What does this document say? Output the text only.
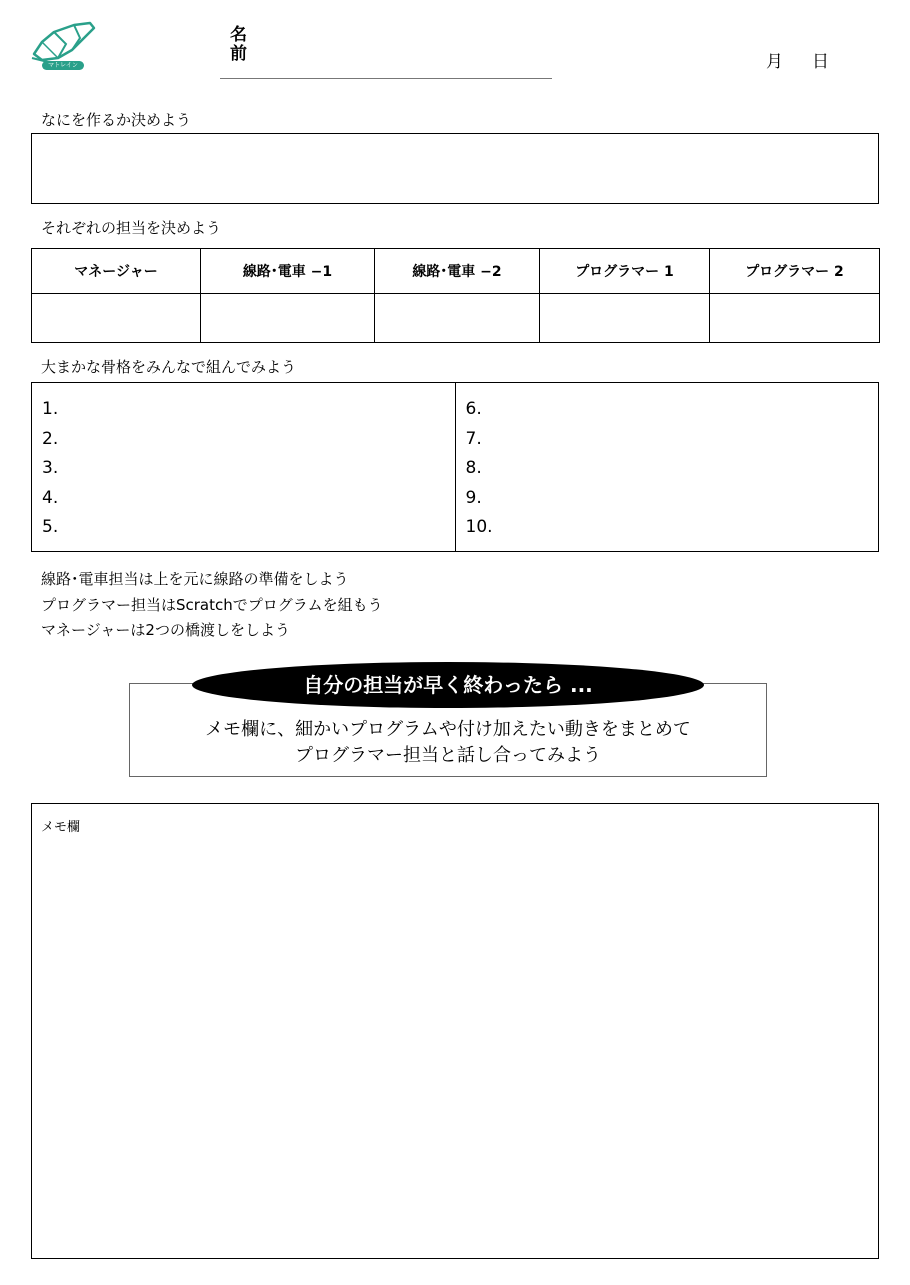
マトレイン
名前	月 日
なにを作るか決めよう
それぞれの担当を決めよう
マネージャー	線路･電車 −1	線路･電車 −2	プログラマー 1	プログラマー 2

大まかな骨格をみんなで組んでみよう
1.
2.
3.
4.
5.
6.
7.
8.
9.
10.
線路･電車担当は上を元に線路の準備をしよう
プログラマー担当はScratchでプログラムを組もう
マネージャーは2つの橋渡しをしよう
自分の担当が早く終わったら ...
メモ欄に、細かいプログラムや付け加えたい動きをまとめて
プログラマー担当と話し合ってみよう
メモ欄
